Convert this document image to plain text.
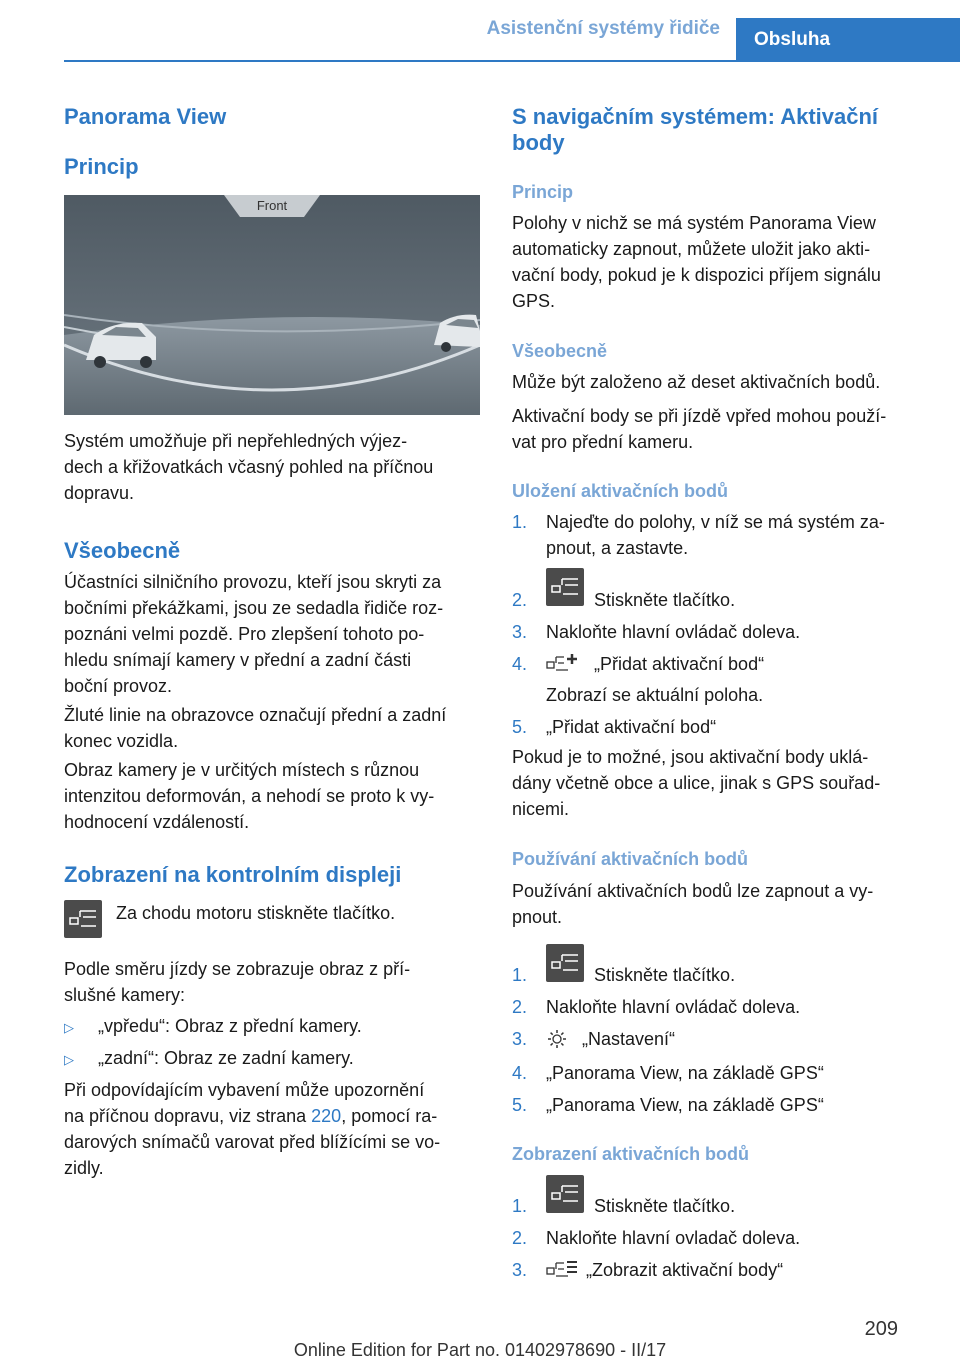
Asistenční systémy řidiče
Obsluha
Panorama View
Princip
Front
Systém umožňuje při nepřehledných výjez-
dech a křižovatkách včasný pohled na příčnou
dopravu.
Všeobecně
Účastníci silničního provozu, kteří jsou skryti za
bočními překážkami, jsou ze sedadla řidiče roz-
poznáni velmi pozdě. Pro zlepšení tohoto po-
hledu snímají kamery v přední a zadní části
boční provoz.
Žluté linie na obrazovce označují přední a zadní
konec vozidla.
Obraz kamery je v určitých místech s různou
intenzitou deformován, a nehodí se proto k vy-
hodnocení vzdáleností.
Zobrazení na kontrolním displeji
Za chodu motoru stiskněte tlačítko.
Podle směru jízdy se zobrazuje obraz z pří-
slušné kamery:
▷ „vpředu“: Obraz z přední kamery.
▷ „zadní“: Obraz ze zadní kamery.
Při odpovídajícím vybavení může upozornění
na příčnou dopravu, viz strana 220, pomocí ra-
darových snímačů varovat před blížícími se vo-
zidly.
S navigačním systémem: Aktivační
body
Princip
Polohy v nichž se má systém Panorama View
automaticky zapnout, můžete uložit jako akti-
vační body, pokud je k dispozici příjem signálu
GPS.
Všeobecně
Může být založeno až deset aktivačních bodů.
Aktivační body se při jízdě vpřed mohou použí-
vat pro přední kameru.
Uložení aktivačních bodů
1. Najeďte do polohy, v níž se má systém za-
pnout, a zastavte.
2.	Stiskněte tlačítko.
3. Nakloňte hlavní ovládač doleva.
4.	„Přidat aktivační bod“
Zobrazí se aktuální poloha.
5. „Přidat aktivační bod“
Pokud je to možné, jsou aktivační body uklá-
dány včetně obce a ulice, jinak s GPS souřad-
nicemi.
Používání aktivačních bodů
Používání aktivačních bodů lze zapnout a vy-
pnout.
1.	Stiskněte tlačítko.
2. Nakloňte hlavní ovládač doleva.
3.	„Nastavení“
4. „Panorama View, na základě GPS“
5. „Panorama View, na základě GPS“
Zobrazení aktivačních bodů
1.	Stiskněte tlačítko.
2. Nakloňte hlavní ovladač doleva.
3.	„Zobrazit aktivační body“
209
Online Edition for Part no. 01402978690 - II/17
